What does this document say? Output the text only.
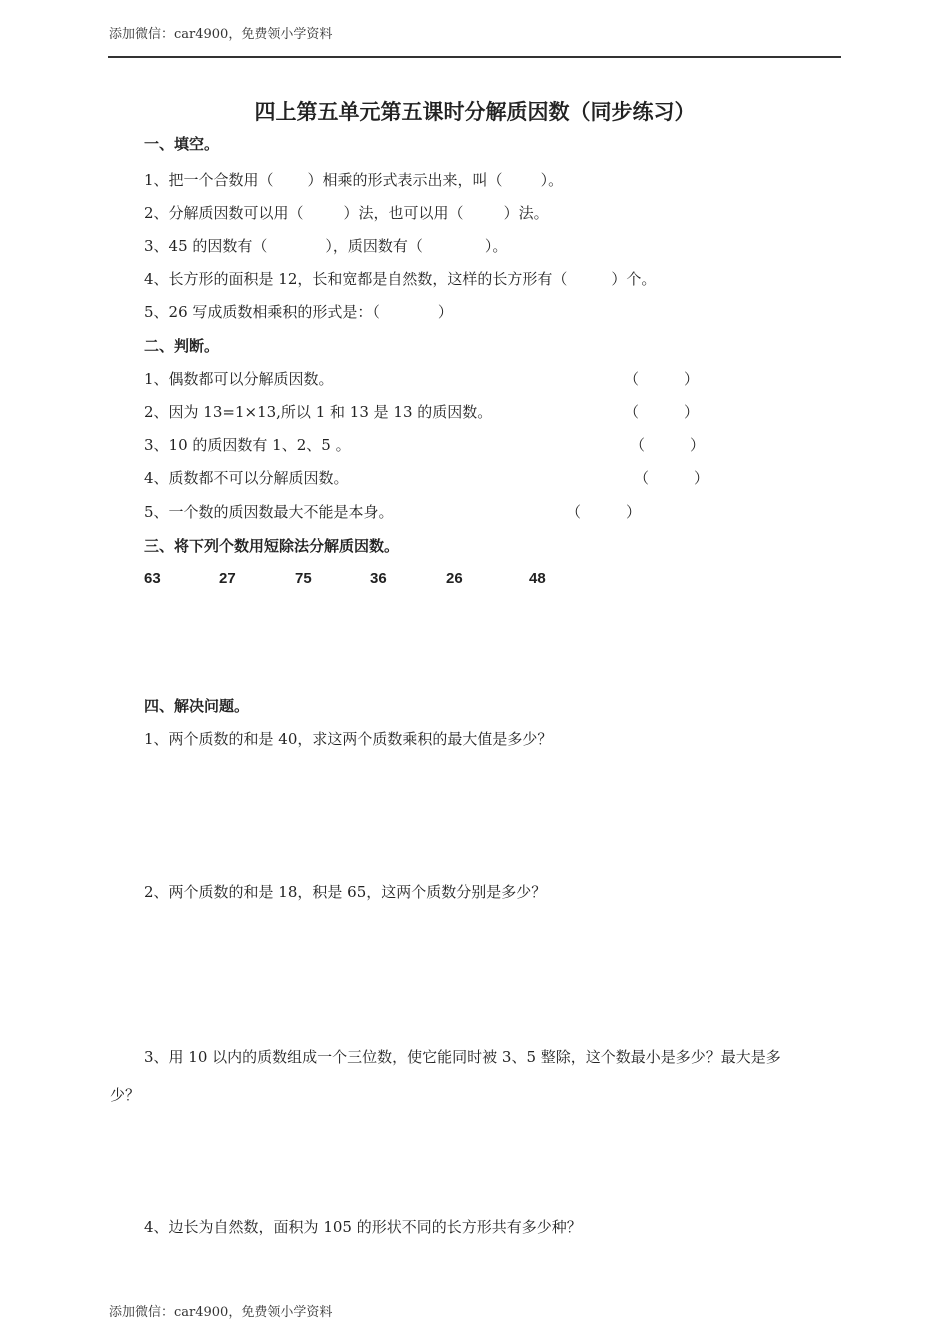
添加微信：car4900，免费领小学资料
四上第五单元第五课时分解质因数（同步练习）
一、填空。
1、把一个合数用（ ）相乘的形式表示出来，叫（	）。
2、分解质因数可以用（	）法，也可以用（	）法。
3、45 的因数有（	），质因数有（	）。
4、长方形的面积是 12，长和宽都是自然数，这样的长方形有（	）个。
5、26 写成质数相乘积的形式是：（	）
二、判断。
1、偶数都可以分解质因数。	（　　　）
2、因为 13=1×13,所以 1 和 13 是 13 的质因数。	（　　　）
3、10 的质因数有 1、2、5 。	（　　　）
4、质数都不可以分解质因数。	（　　　）
5、一个数的质因数最大不能是本身。	（　　　）
三、将下列个数用短除法分解质因数。
63	27	75	36	26	48
四、解决问题。
1、两个质数的和是 40，求这两个质数乘积的最大值是多少？
2、两个质数的和是 18，积是 65，这两个质数分别是多少？
3、用 10 以内的质数组成一个三位数，使它能同时被 3、5 整除，这个数最小是多少？最大是多
少？
4、边长为自然数，面积为 105 的形状不同的长方形共有多少种？
添加微信：car4900，免费领小学资料
